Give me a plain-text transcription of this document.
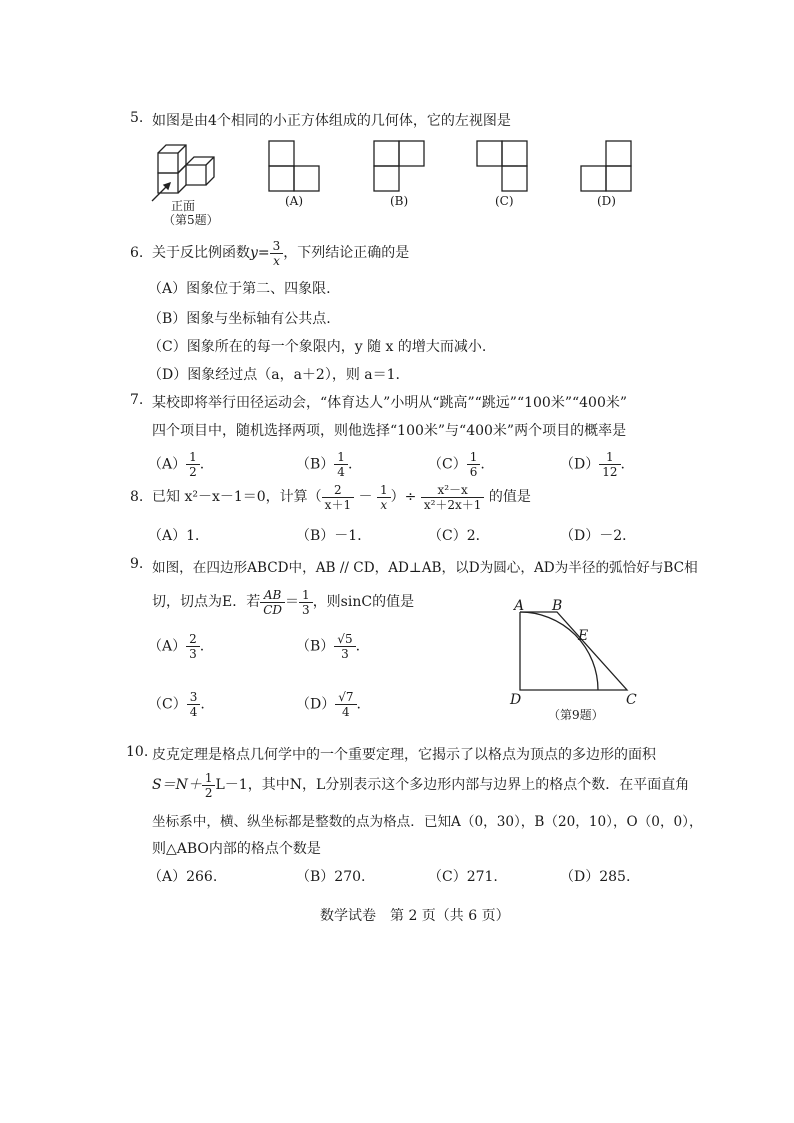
5. 如图是由4个相同的小正方体组成的几何体，它的左视图是
正面
（第5题）
(A)	(B)	(C)	(D)
6. 关于反比例函数$y= \frac{3}{x}$ ，下列结论正确的是
（A）图象位于第二、四象限.
（B）图象与坐标轴有公共点.
（C）图象所在的每一个象限内，y 随 x 的增大而减小.
（D）图象经过点（a，a＋2），则 a＝1.
7. 某校即将举行田径运动会，“体育达人”小明从“跳高”“跳远”“100米”“400米”
四个项目中，随机选择两项，则他选择“100米”与“400米”两个项目的概率是
$(A) \frac{1}{2}$ .	$(B) \frac{1}{4}$ .	$(C) \frac{1}{6}$ .	$(D) \frac{1}{12}$ .
8. 已知 x²－x－1＝0，计算（ $\frac{2}{x+1} - \frac{1}{x}$ ）÷ $\frac{\text{x²－x}}{\text{x²＋2x＋1}}$ 的值是
（A）1．	（B）－1．	（C）2．	（D）－2．
9. 如图，在四边形ABCD中，AB // CD，AD⊥AB，以D为圆心，AD为半径的弧恰好与BC相
切，切点为E．若 $\frac{AB}{CD} = \frac{1}{3}$ ，则sinC的值是
$(A) \frac{2}{3}$ .	$(B) \frac{√5}{3}$ .
$(C) \frac{3}{4}$ .	$(D) \frac{√7}{4}$ .
A B
E
D	C
（第9题）
10. 皮克定理是格点几何学中的一个重要定理，它揭示了以格点为顶点的多边形的面积
$S=N+ \frac{1}{2} L-1$，其中N，L分别表示这个多边形内部与边界上的格点个数．在平面直角
坐标系中，横、纵坐标都是整数的点为格点．已知A（0，30），B（20，10），O（0，0），
则△ABO内部的格点个数是
（A）266.	（B）270.	（C）271.	（D）285.
数学试卷　第 2 页（共 6 页）
